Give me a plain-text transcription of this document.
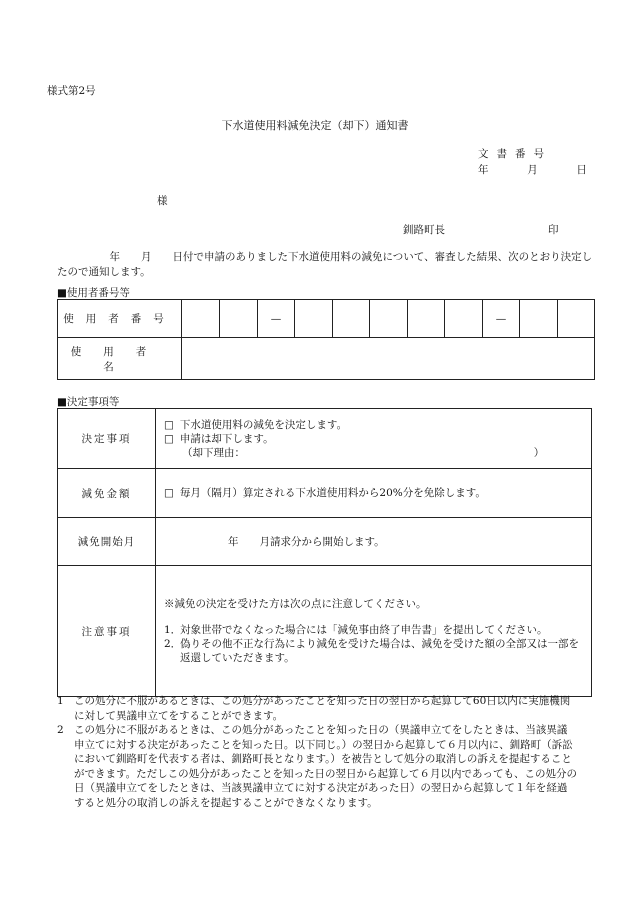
様式第2号
下水道使用料減免決定（却下）通知書
文書番号
年	月	日
様
釧路町長	印
　　　　　年　　月　　日付で申請のありました下水道使用料の減免について、審査した結果、次のとおり決定したので通知します。
■使用者番号等
使用者番号			—						—		
使用者名											
■決定事項等
決定事項	□ 下水道使用料の減免を決定します。
□ 申請は却下します。
（却下理由：　　　　　　　　　　　　　　　　　　　　　　　　　　　　）

減免金額	□ 毎月（隔月）算定される下水道使用料から20%分を免除します。
減免開始月	年　　月請求分から開始します。
注意事項	※減免の決定を受けた方は次の点に注意してください。

1．
対象世帯でなくなった場合には「減免事由終了申告書」を提出してください。

2．
偽りその他不正な行為により減免を受けた場合は、減免を受けた額の全部又は一部を返還していただきます。

1 この処分に不服があるときは、この処分があったことを知った日の翌日から起算して60日以内に実施機関に対して異議申立てをすることができます。

2 この処分に不服があるときは、この処分があったことを知った日の（異議申立てをしたときは、当該異議申立てに対する決定があったことを知った日。以下同じ。）の翌日から起算して６月以内に、釧路町（訴訟において釧路町を代表する者は、釧路町長となります。）を被告として処分の取消しの訴えを提起することができます。ただしこの処分があったことを知った日の翌日から起算して６月以内であっても、この処分の日（異議申立てをしたときは、当該異議申立てに対する決定があった日）の翌日から起算して１年を経過すると処分の取消しの訴えを提起することができなくなります。
